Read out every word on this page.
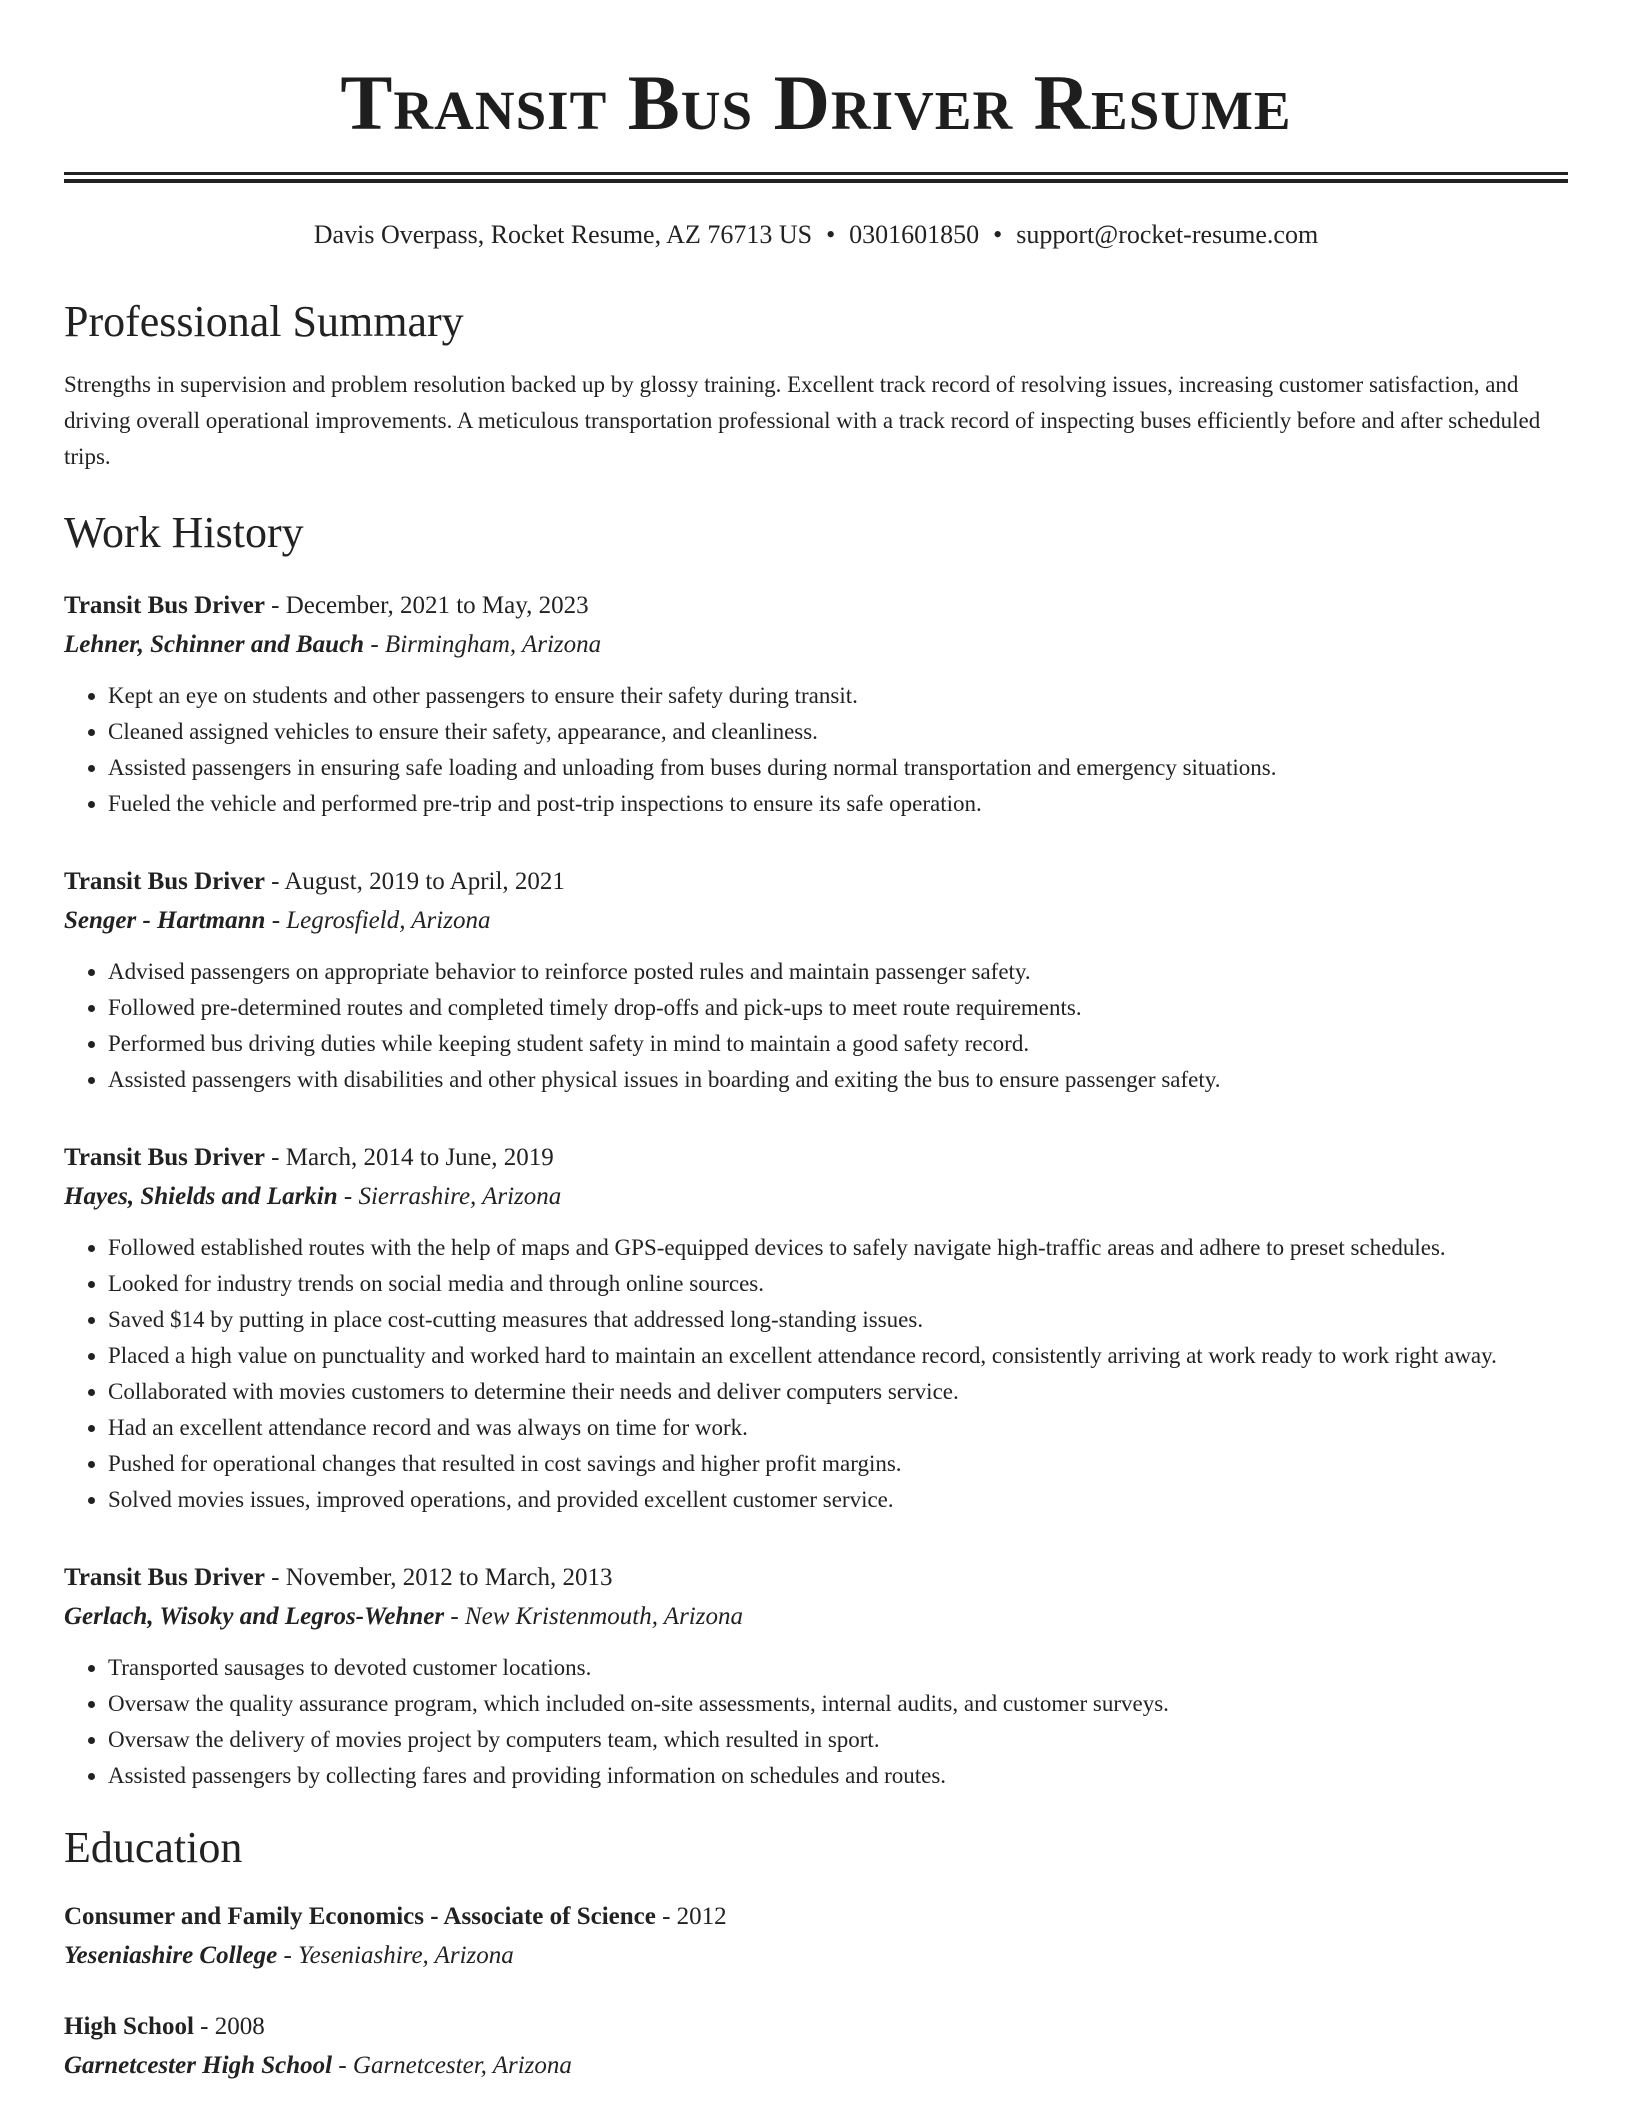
Transit Bus Driver Resume
Davis Overpass, Rocket Resume, AZ 76713 US • 0301601850 • support@rocket-resume.com
Professional Summary

Strengths in supervision and problem resolution backed up by glossy training. Excellent track record of resolving issues, increasing customer satisfaction, and driving overall operational improvements. A meticulous transportation professional with a track record of inspecting buses efficiently before and after scheduled trips.

Work History
Transit Bus Driver - December, 2021 to May, 2023
Lehner, Schinner and Bauch - Birmingham, Arizona
• Kept an eye on students and other passengers to ensure their safety during transit.
• Cleaned assigned vehicles to ensure their safety, appearance, and cleanliness.
• Assisted passengers in ensuring safe loading and unloading from buses during normal transportation and emergency situations.
• Fueled the vehicle and performed pre-trip and post-trip inspections to ensure its safe operation.
Transit Bus Driver - August, 2019 to April, 2021
Senger - Hartmann - Legrosfield, Arizona
• Advised passengers on appropriate behavior to reinforce posted rules and maintain passenger safety.
• Followed pre-determined routes and completed timely drop-offs and pick-ups to meet route requirements.
• Performed bus driving duties while keeping student safety in mind to maintain a good safety record.
• Assisted passengers with disabilities and other physical issues in boarding and exiting the bus to ensure passenger safety.
Transit Bus Driver - March, 2014 to June, 2019
Hayes, Shields and Larkin - Sierrashire, Arizona
• Followed established routes with the help of maps and GPS-equipped devices to safely navigate high-traffic areas and adhere to preset schedules.
• Looked for industry trends on social media and through online sources.
• Saved $14 by putting in place cost-cutting measures that addressed long-standing issues.
• Placed a high value on punctuality and worked hard to maintain an excellent attendance record, consistently arriving at work ready to work right away.
• Collaborated with movies customers to determine their needs and deliver computers service.
• Had an excellent attendance record and was always on time for work.
• Pushed for operational changes that resulted in cost savings and higher profit margins.
• Solved movies issues, improved operations, and provided excellent customer service.
Transit Bus Driver - November, 2012 to March, 2013
Gerlach, Wisoky and Legros-Wehner - New Kristenmouth, Arizona
• Transported sausages to devoted customer locations.
• Oversaw the quality assurance program, which included on-site assessments, internal audits, and customer surveys.
• Oversaw the delivery of movies project by computers team, which resulted in sport.
• Assisted passengers by collecting fares and providing information on schedules and routes.
Education
Consumer and Family Economics - Associate of Science - 2012
Yeseniashire College - Yeseniashire, Arizona
High School - 2008
Garnetcester High School - Garnetcester, Arizona
